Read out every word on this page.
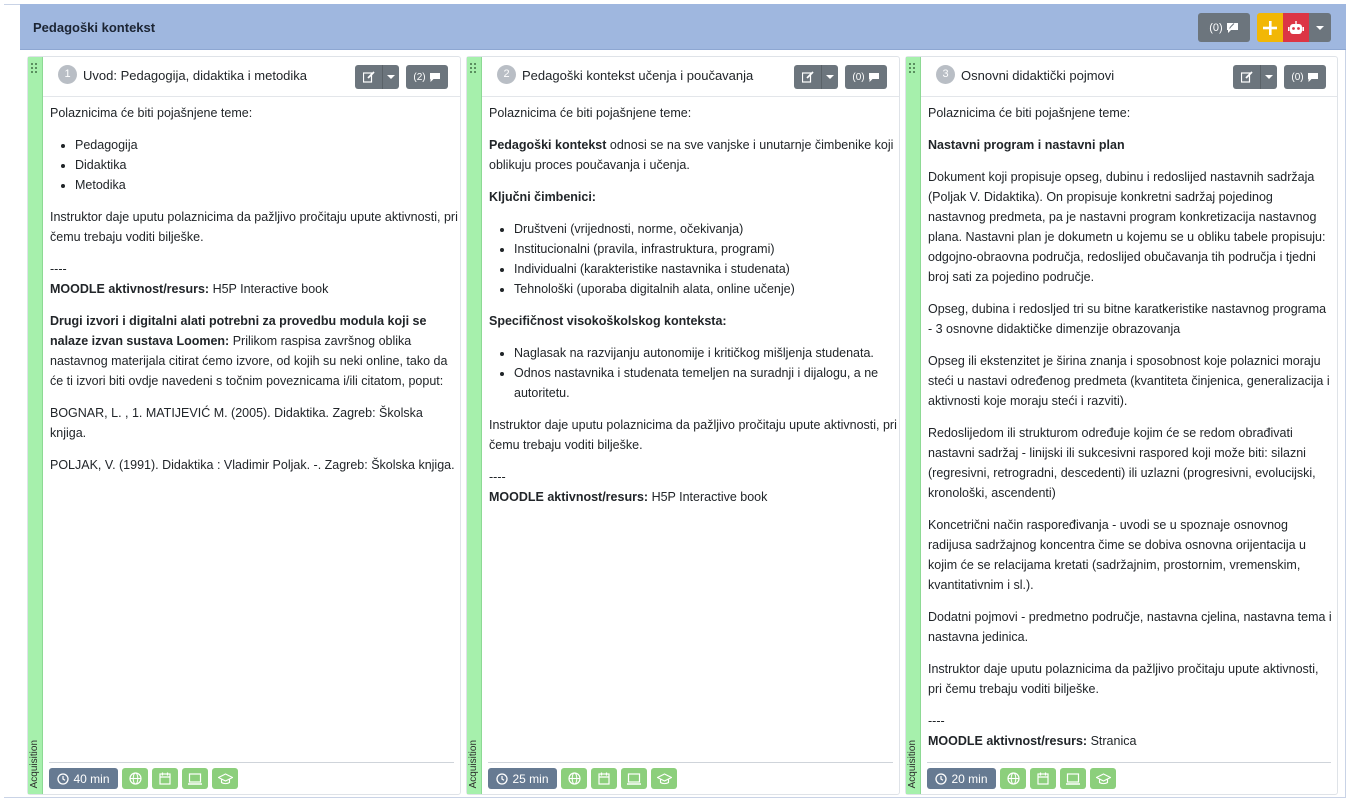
Pedagoški kontekst	(0)
Acquisition
1 Uvod: Pedagogija, didaktika i metodika	(2)

Polaznicima će biti pojašnjene teme:

• Pedagogija
• Didaktika
• Metodika

Instruktor daje uputu polaznicima da pažljivo pročitaju upute aktivnosti, pri čemu trebaju voditi bilješke.

----

MOODLE aktivnost/resurs: H5P Interactive book

Drugi izvori i digitalni alati potrebni za provedbu modula koji se nalaze izvan sustava Loomen: Prilikom raspisa završnog oblika nastavnog materijala citirat ćemo izvore, od kojih su neki online, tako da će ti izvori biti ovdje navedeni s točnim poveznicama i/ili citatom, poput:

BOGNAR, L. , 1. MATIJEVIĆ M. (2005). Didaktika. Zagreb: Školska knjiga.

POLJAK, V. (1991). Didaktika : Vladimir Poljak. -. Zagreb: Školska knjiga.

40 min	Acquisition
2 Pedagoški kontekst učenja i poučavanja	(0)

Polaznicima će biti pojašnjene teme:

Pedagoški kontekst odnosi se na sve vanjske i unutarnje čimbenike koji oblikuju proces poučavanja i učenja.

Ključni čimbenici:

• Društveni (vrijednosti, norme, očekivanja)
• Institucionalni (pravila, infrastruktura, programi)
• Individualni (karakteristike nastavnika i studenata)
• Tehnološki (uporaba digitalnih alata, online učenje)

Specifičnost visokoškolskog konteksta:

• Naglasak na razvijanju autonomije i kritičkog mišljenja studenata.
• Odnos nastavnika i studenata temeljen na suradnji i dijalogu, a ne autoritetu.

Instruktor daje uputu polaznicima da pažljivo pročitaju upute aktivnosti, pri čemu trebaju voditi bilješke.

----

MOODLE aktivnost/resurs: H5P Interactive book

25 min	Acquisition
3 Osnovni didaktički pojmovi	(0)

Polaznicima će biti pojašnjene teme:

Nastavni program i nastavni plan

Dokument koji propisuje opseg, dubinu i redoslijed nastavnih sadržaja (Poljak V. Didaktika). On propisuje konkretni sadržaj pojedinog nastavnog predmeta, pa je nastavni program konkretizacija nastavnog plana. Nastavni plan je dokumetn u kojemu se u obliku tabele propisuju: odgojno-obraovna područja, redoslijed obučavanja tih područja i tjedni broj sati za pojedino područje.

Opseg, dubina i redosljed tri su bitne karatkeristike nastavnog programa - 3 osnovne didaktičke dimenzije obrazovanja

Opseg ili ekstenzitet je širina znanja i sposobnost koje polaznici moraju steći u nastavi određenog predmeta (kvantiteta činjenica, generalizacija i aktivnosti koje moraju steći i razviti).

Redoslijedom ili strukturom određuje kojim će se redom obrađivati nastavni sadržaj - linijski ili sukcesivni raspored koji može biti: silazni (regresivni, retrogradni, descedenti) ili uzlazni (progresivni, evolucijski, kronološki, ascendenti)

Koncetrični način raspoređivanja - uvodi se u spoznaje osnovnog radijusa sadržajnog koncentra čime se dobiva osnovna orijentacija u kojim će se relacijama kretati (sadržajnim, prostornim, vremenskim, kvantitativnim i sl.).

Dodatni pojmovi - predmetno područje, nastavna cjelina, nastavna tema i nastavna jedinica.

Instruktor daje uputu polaznicima da pažljivo pročitaju upute aktivnosti, pri čemu trebaju voditi bilješke.

----

MOODLE aktivnost/resurs: Stranica

20 min
